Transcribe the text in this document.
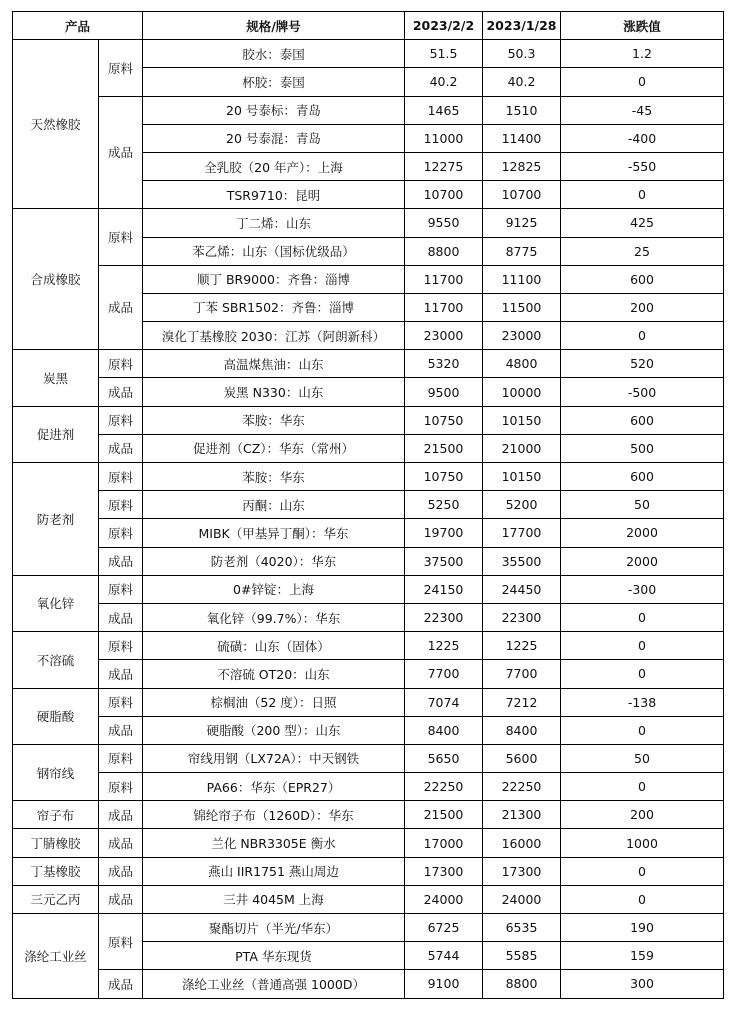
产品		规格/牌号	2023/2/2	2023/1/28	涨跌值
天然橡胶	原料	胶水：泰国	51.5	50.3	1.2
		杯胶：泰国	40.2	40.2	0
	成品	20 号泰标：青岛	1465	1510	-45
		20 号泰混：青岛	11000	11400	-400
		全乳胶（20 年产）：上海	12275	12825	-550
		TSR9710：昆明	10700	10700	0
合成橡胶	原料	丁二烯：山东	9550	9125	425
		苯乙烯：山东（国标优级品）	8800	8775	25
	成品	顺丁 BR9000：齐鲁：淄博	11700	11100	600
		丁苯 SBR1502：齐鲁：淄博	11700	11500	200
		溴化丁基橡胶 2030：江苏（阿朗新科）	23000	23000	0
炭黑	原料	高温煤焦油：山东	5320	4800	520
	成品	炭黑 N330：山东	9500	10000	-500
促进剂	原料	苯胺：华东	10750	10150	600
	成品	促进剂（CZ）：华东（常州）	21500	21000	500
防老剂	原料	苯胺：华东	10750	10150	600
	原料	丙酮：山东	5250	5200	50
	原料	MIBK（甲基异丁酮）：华东	19700	17700	2000
	成品	防老剂（4020）：华东	37500	35500	2000
氧化锌	原料	0#锌锭：上海	24150	24450	-300
	成品	氧化锌（99.7%）：华东	22300	22300	0
不溶硫	原料	硫磺：山东（固体）	1225	1225	0
	成品	不溶硫 OT20：山东	7700	7700	0
硬脂酸	原料	棕榈油（52 度）：日照	7074	7212	-138
	成品	硬脂酸（200 型）：山东	8400	8400	0
钢帘线	原料	帘线用钢（LX72A）：中天钢铁	5650	5600	50
	原料	PA66：华东（EPR27）	22250	22250	0
帘子布	成品	锦纶帘子布（1260D）：华东	21500	21300	200
丁腈橡胶	成品	兰化 NBR3305E 衡水	17000	16000	1000
丁基橡胶	成品	燕山 IIR1751 燕山周边	17300	17300	0
三元乙丙	成品	三井 4045M 上海	24000	24000	0
涤纶工业丝	原料	聚酯切片（半光/华东）	6725	6535	190
		PTA 华东现货	5744	5585	159
	成品	涤纶工业丝（普通高强 1000D）	9100	8800	300
